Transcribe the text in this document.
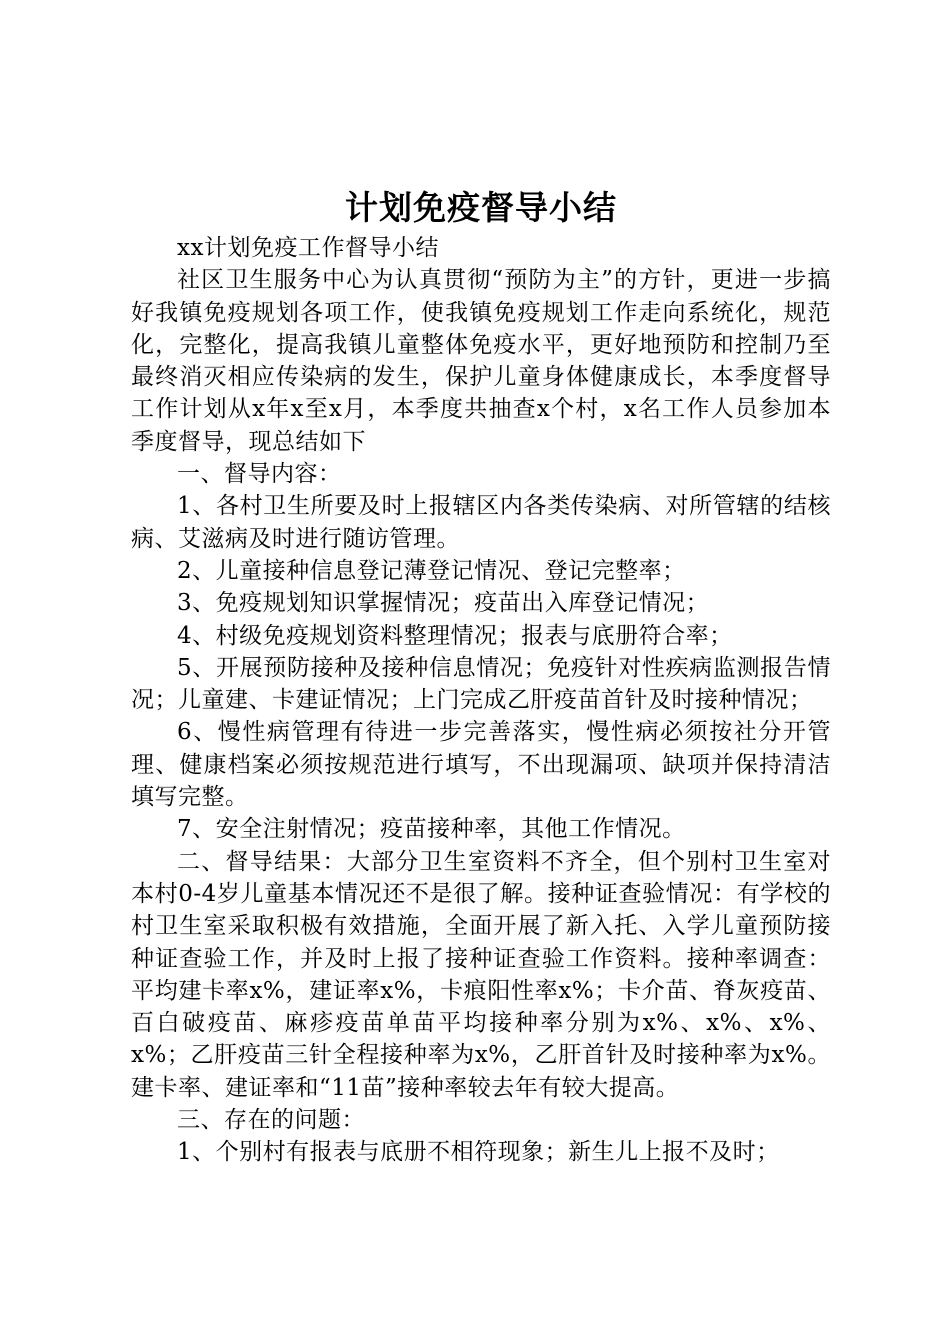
计划免疫督导小结

xx计划免疫工作督导小结

社区卫生服务中心为认真贯彻“预防为主”的方针，更进一步搞好我镇免疫规划各项工作，使我镇免疫规划工作走向系统化，规范化，完整化，提高我镇儿童整体免疫水平，更好地预防和控制乃至最终消灭相应传染病的发生，保护儿童身体健康成长，本季度督导工作计划从x年x至x月，本季度共抽查x个村，x名工作人员参加本季度督导，现总结如下

一、督导内容：

1、各村卫生所要及时上报辖区内各类传染病、对所管辖的结核病、艾滋病及时进行随访管理。

2、儿童接种信息登记薄登记情况、登记完整率；

3、免疫规划知识掌握情况；疫苗出入库登记情况；

4、村级免疫规划资料整理情况；报表与底册符合率；

5、开展预防接种及接种信息情况；免疫针对性疾病监测报告情况；儿童建、卡建证情况；上门完成乙肝疫苗首针及时接种情况；

6、慢性病管理有待进一步完善落实，慢性病必须按社分开管理、健康档案必须按规范进行填写，不出现漏项、缺项并保持清洁填写完整。

7、安全注射情况；疫苗接种率，其他工作情况。

二、督导结果：大部分卫生室资料不齐全，但个别村卫生室对本村0-4岁儿童基本情况还不是很了解。接种证查验情况：有学校的村卫生室采取积极有效措施，全面开展了新入托、入学儿童预防接种证查验工作，并及时上报了接种证查验工作资料。接种率调查：平均建卡率x%，建证率x%，卡痕阳性率x%；卡介苗、脊灰疫苗、百白破疫苗、麻疹疫苗单苗平均接种率分别为x%、x%、x%、x%；乙肝疫苗三针全程接种率为x%，乙肝首针及时接种率为x%。建卡率、建证率和“11苗”接种率较去年有较大提高。

三、存在的问题：

1、个别村有报表与底册不相符现象；新生儿上报不及时；
